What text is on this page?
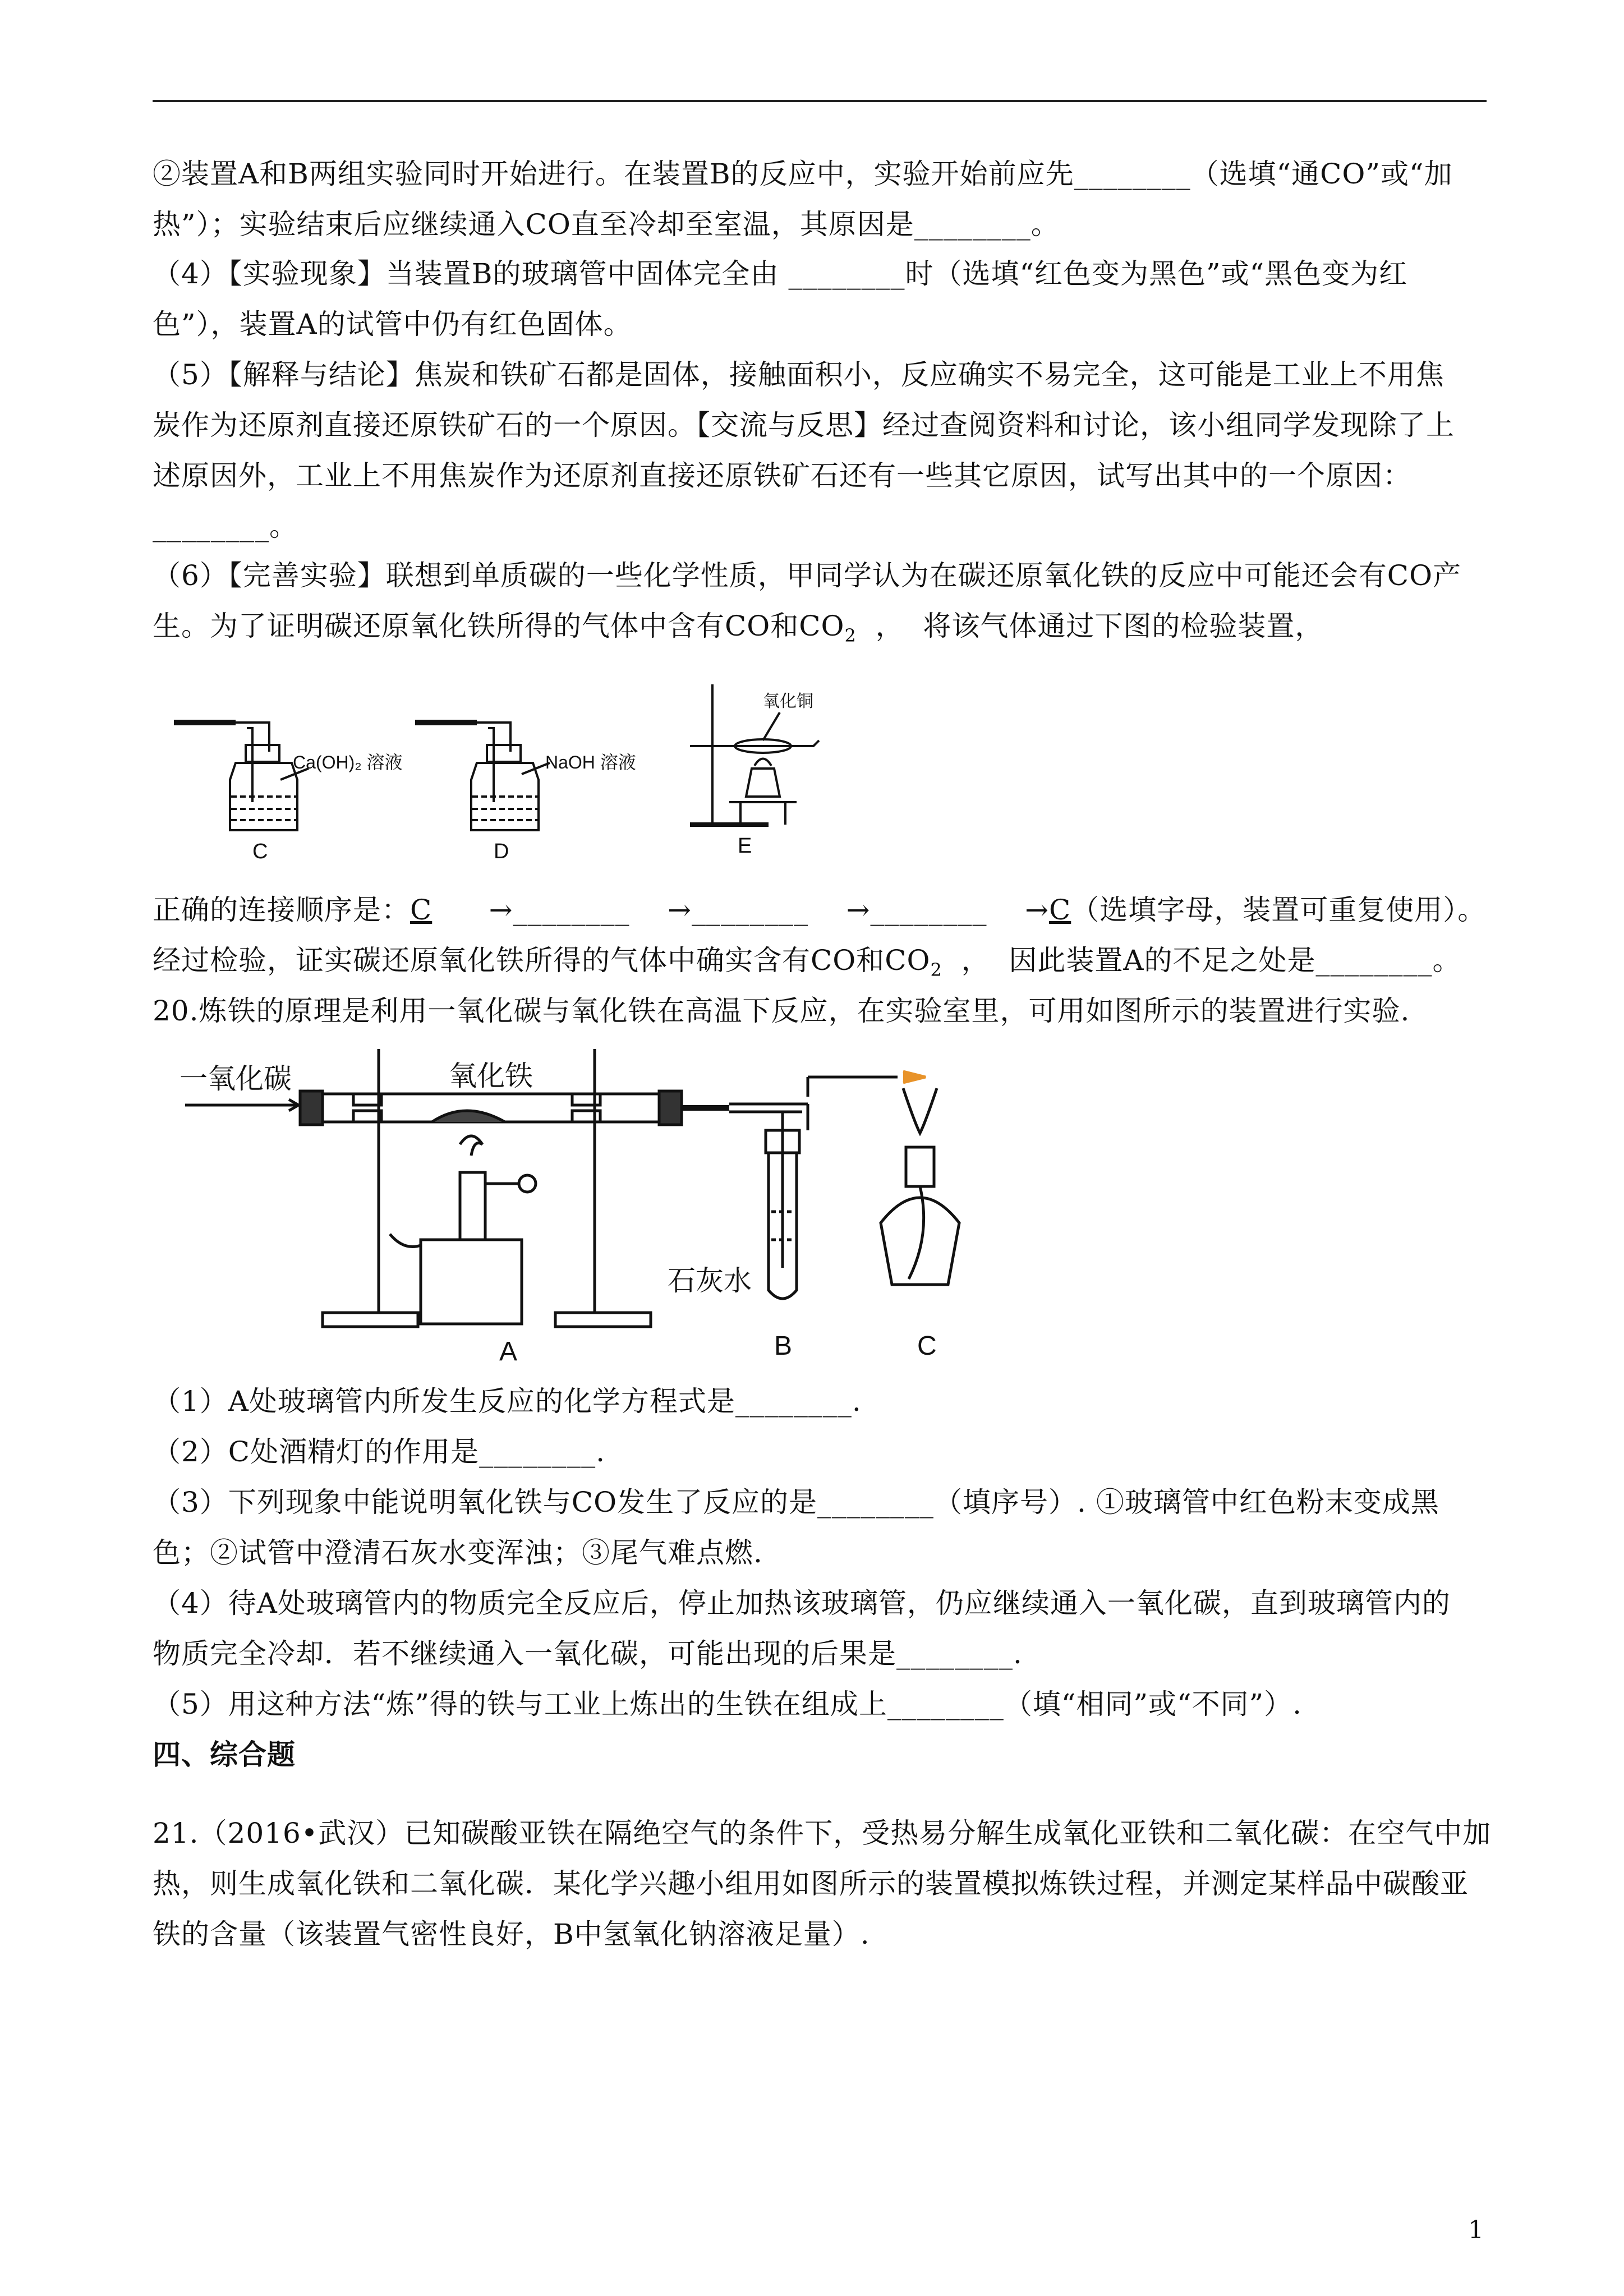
②装置A和B两组实验同时开始进行。在装置B的反应中，实验开始前应先________（选填“通CO”或“加
热”）；实验结束后应继续通入CO直至冷却至室温，其原因是________。
（4）【实验现象】当装置B的玻璃管中固体完全由 ________时（选填“红色变为黑色”或“黑色变为红
色”），装置A的试管中仍有红色固体。
（5）【解释与结论】焦炭和铁矿石都是固体，接触面积小，反应确实不易完全，这可能是工业上不用焦
炭作为还原剂直接还原铁矿石的一个原因。【交流与反思】经过查阅资料和讨论，该小组同学发现除了上
述原因外，工业上不用焦炭作为还原剂直接还原铁矿石还有一些其它原因，试写出其中的一个原因：
________。
（6）【完善实验】联想到单质碳的一些化学性质，甲同学认为在碳还原氧化铁的反应中可能还会有CO产
生。为了证明碳还原氧化铁所得的气体中含有CO和$CO_2$  ，  将该气体通过下图的检验装置，
Ca(OH)₂ 溶液	NaOH 溶液
氧化铜
C	D	E
正确的连接顺序是：C →________ →________ →________ →C（选填字母，装置可重复使用）。
经过检验，证实碳还原氧化铁所得的气体中确实含有CO和$CO_2$  ，  因此装置A的不足之处是________。
20.炼铁的原理是利用一氧化碳与氧化铁在高温下反应，在实验室里，可用如图所示的装置进行实验.
一氧化碳	氧化铁
石灰水
A	B	C
（1）A处玻璃管内所发生反应的化学方程式是________.
（2）C处酒精灯的作用是________.
（3）下列现象中能说明氧化铁与CO发生了反应的是________（填序号）. ①玻璃管中红色粉末变成黑
色；②试管中澄清石灰水变浑浊；③尾气难点燃.
（4）待A处玻璃管内的物质完全反应后，停止加热该玻璃管，仍应继续通入一氧化碳，直到玻璃管内的
物质完全冷却．若不继续通入一氧化碳，可能出现的后果是________.
（5）用这种方法“炼”得的铁与工业上炼出的生铁在组成上________（填“相同”或“不同”）.
四、综合题
21.（2016•武汉）已知碳酸亚铁在隔绝空气的条件下，受热易分解生成氧化亚铁和二氧化碳：在空气中加
热，则生成氧化铁和二氧化碳．某化学兴趣小组用如图所示的装置模拟炼铁过程，并测定某样品中碳酸亚
铁的含量（该装置气密性良好，B中氢氧化钠溶液足量）.
1
